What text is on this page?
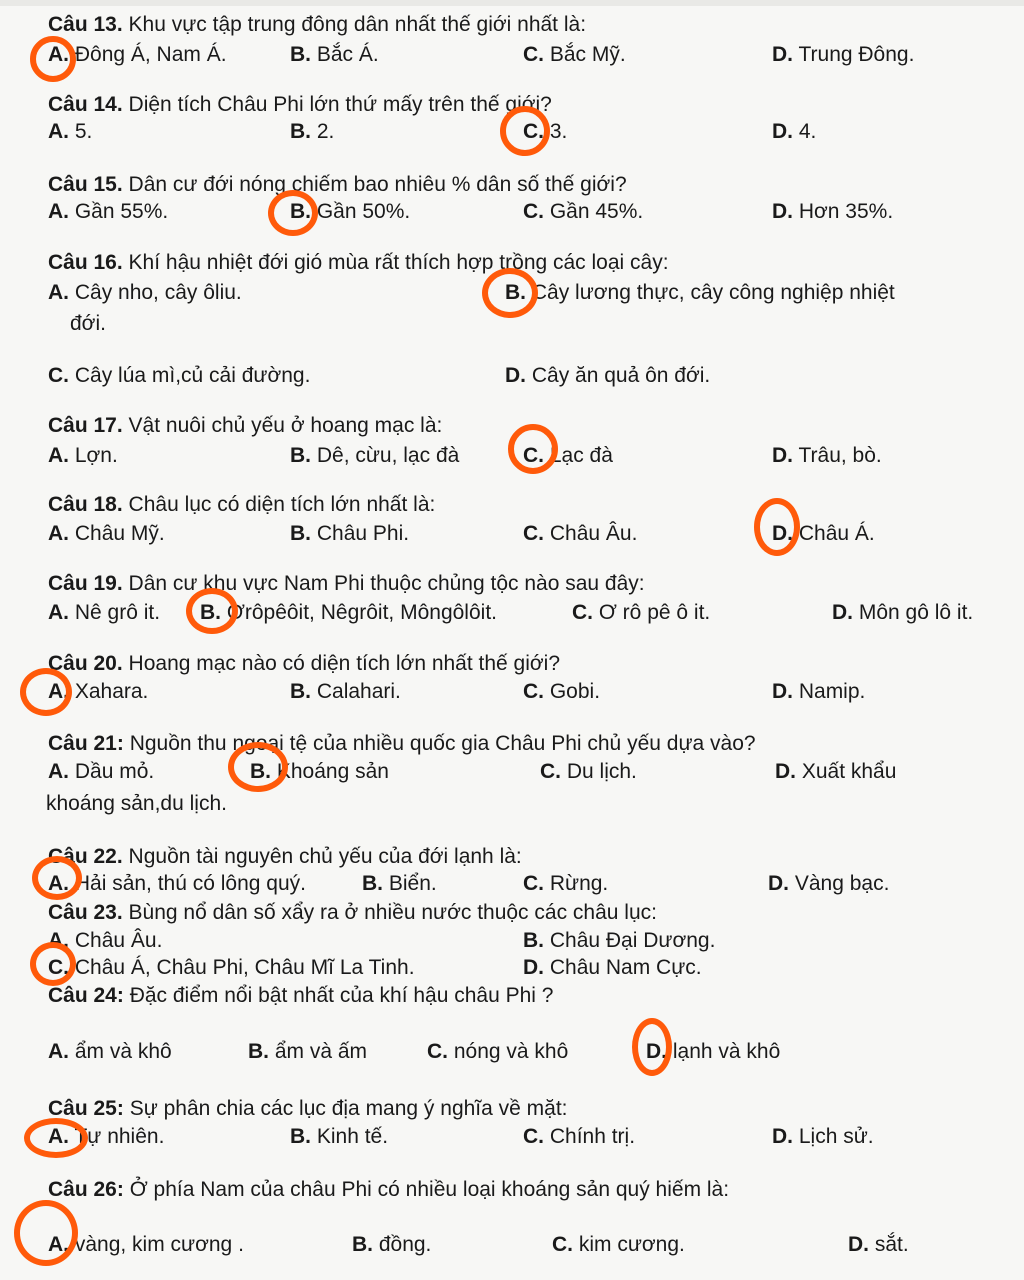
Câu 13. Khu vực tập trung đông dân nhất thế giới nhất là:
A. Đông Á, Nam Á.	B. Bắc Á.	C. Bắc Mỹ.	D. Trung Đông.
Câu 14. Diện tích Châu Phi lớn thứ mấy trên thế giới?
A. 5.	B. 2.	C. 3.	D. 4.
Câu 15. Dân cư đới nóng chiếm bao nhiêu % dân số thế giới?
A. Gần 55%.	B. Gần 50%.	C. Gần 45%.	D. Hơn 35%.
Câu 16. Khí hậu nhiệt đới gió mùa rất thích hợp trồng các loại cây:
A. Cây nho, cây ôliu.	B. Cây lương thực, cây công nghiệp nhiệt
C. Cây lúa mì,củ cải đường.	D. Cây ăn quả ôn đới.
đới.
Câu 17. Vật nuôi chủ yếu ở hoang mạc là:
A. Lợn.	B. Dê, cừu, lạc đà	C. Lạc đà	D. Trâu, bò.
Câu 18. Châu lục có diện tích lớn nhất là:
A. Châu Mỹ.	B. Châu Phi.	C. Châu Âu.	D. Châu Á.
Câu 19. Dân cư khu vực Nam Phi thuộc chủng tộc nào sau đây:
A. Nê grô it. B. Ơrôpêôit, Nêgrôit, Môngôlôit.	C. Ơ rô pê ô it.	D. Môn gô lô it.
Câu 20. Hoang mạc nào có diện tích lớn nhất thế giới?
A. Xahara.	B. Calahari.	C. Gobi.	D. Namip.
Câu 21: Nguồn thu ngoại tệ của nhiều quốc gia Châu Phi chủ yếu dựa vào?
A. Dầu mỏ.	B. Khoáng sản	C. Du lịch.	D. Xuất khẩu
khoáng sản,du lịch.
Câu 22. Nguồn tài nguyên chủ yếu của đới lạnh là:
A. Hải sản, thú có lông quý.	B. Biển.	C. Rừng.	D. Vàng bạc.
Câu 23. Bùng nổ dân số xẩy ra ở nhiều nước thuộc các châu lục:
A. Châu Âu.	B. Châu Đại Dương.
C. Châu Á, Châu Phi, Châu Mĩ La Tinh.	D. Châu Nam Cực.
Câu 24: Đặc điểm nổi bật nhất của khí hậu châu Phi ?
A. ẩm và khô	B. ẩm và ấm	C. nóng và khô	D. lạnh và khô
Câu 25: Sự phân chia các lục địa mang ý nghĩa về mặt:
A. Tự nhiên.	B. Kinh tế.	C. Chính trị.	D. Lịch sử.
Câu 26: Ở phía Nam của châu Phi có nhiều loại khoáng sản quý hiếm là:
A. vàng, kim cương .	B. đồng.	C. kim cương.	D. sắt.
